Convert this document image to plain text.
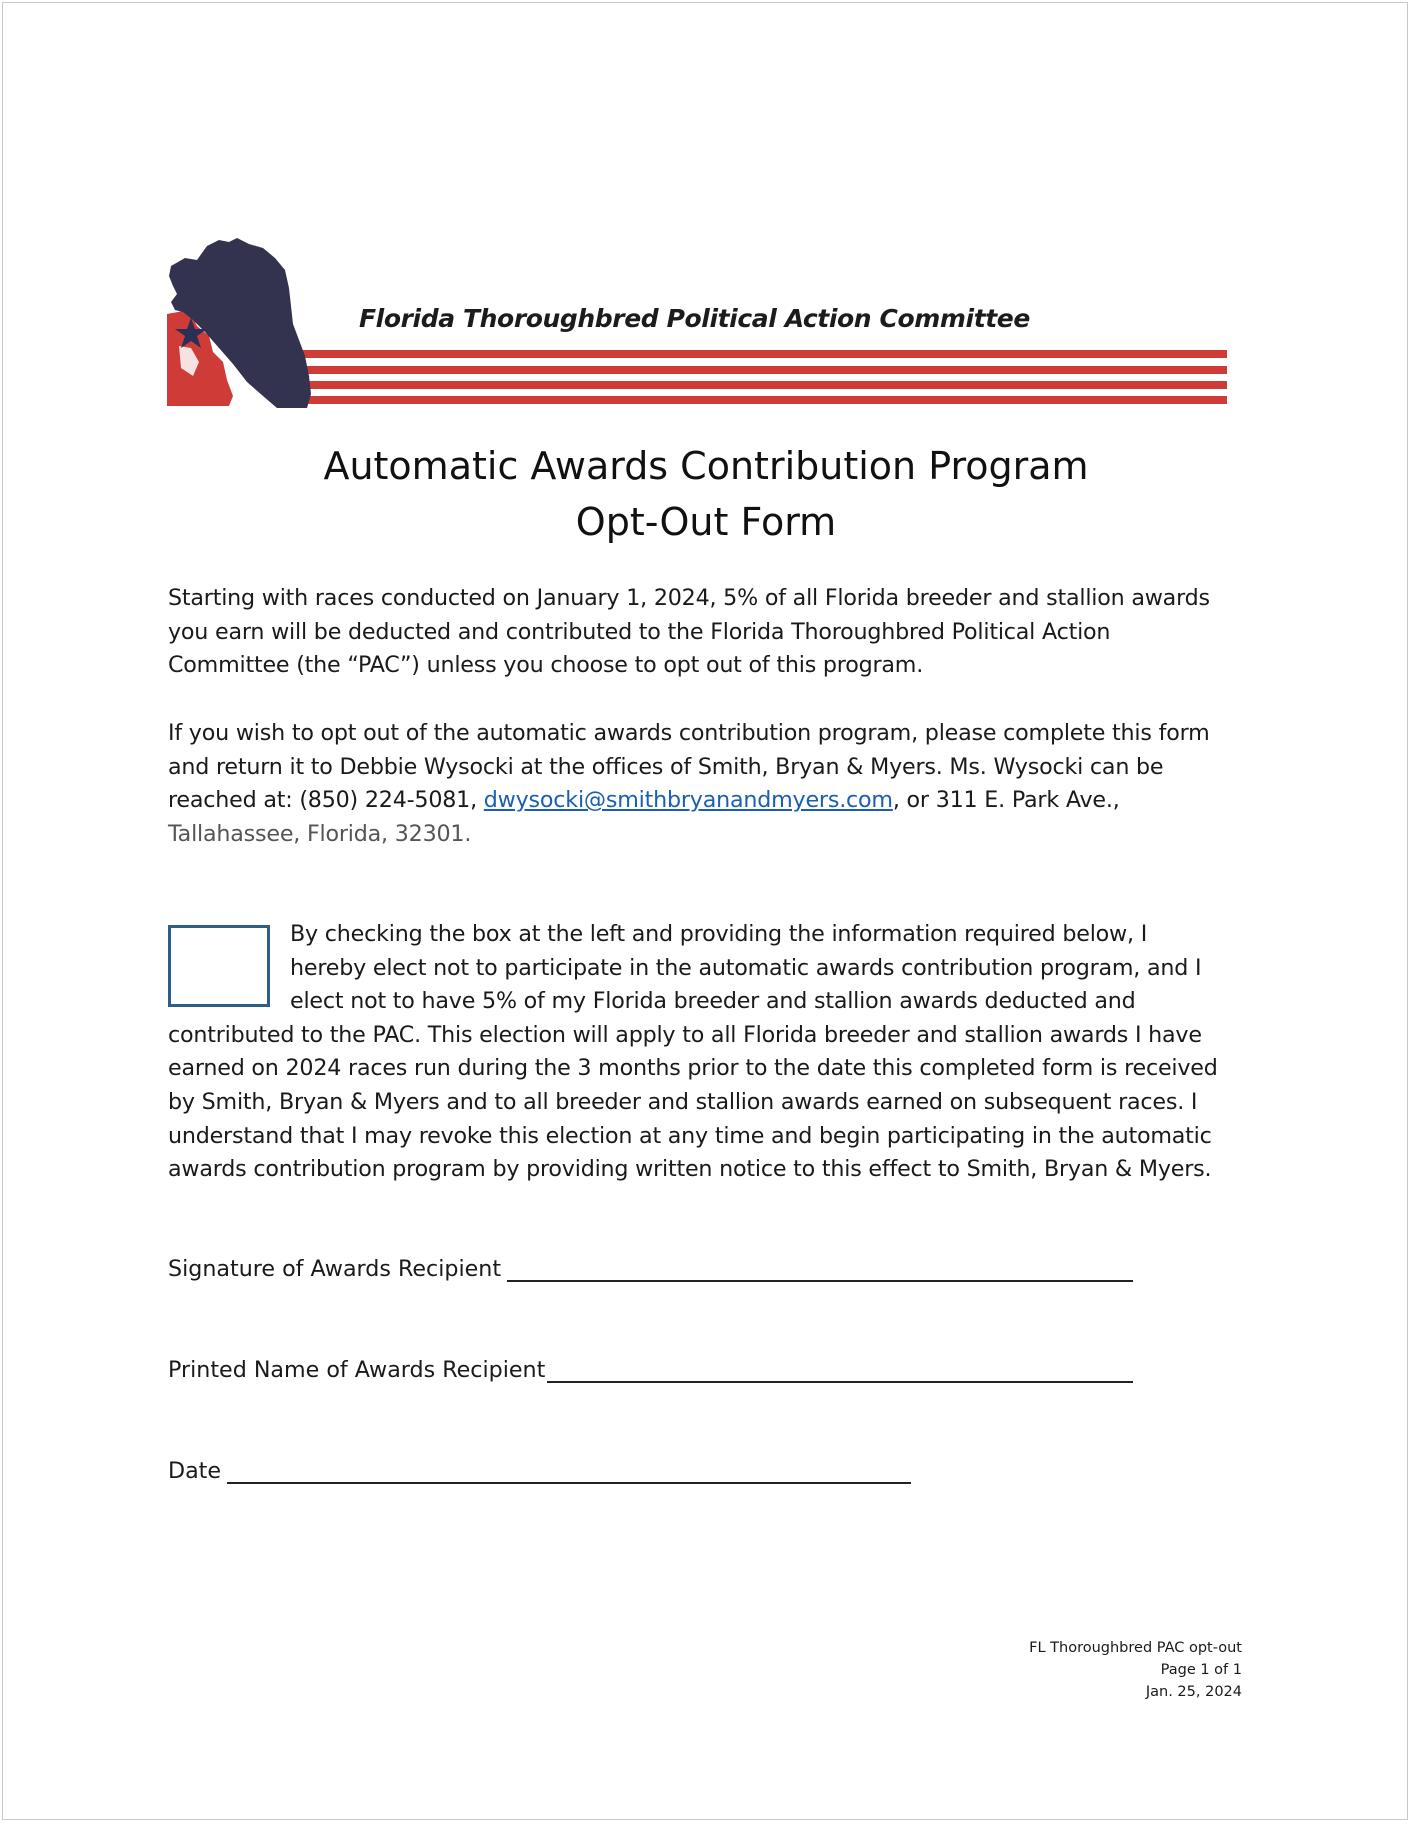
Florida Thoroughbred Political Action Committee
Automatic Awards Contribution Program
Opt-Out Form
Starting with races conducted on January 1, 2024, 5% of all Florida breeder and stallion awards
you earn will be deducted and contributed to the Florida Thoroughbred Political Action
Committee (the “PAC”) unless you choose to opt out of this program.
If you wish to opt out of the automatic awards contribution program, please complete this form
and return it to Debbie Wysocki at the offices of Smith, Bryan & Myers. Ms. Wysocki can be
reached at: (850) 224-5081, dwysocki@smithbryanandmyers.com, or 311 E. Park Ave.,
Tallahassee, Florida, 32301.
By checking the box at the left and providing the information required below, I
hereby elect not to participate in the automatic awards contribution program, and I
elect not to have 5% of my Florida breeder and stallion awards deducted and
contributed to the PAC. This election will apply to all Florida breeder and stallion awards I have
earned on 2024 races run during the 3 months prior to the date this completed form is received
by Smith, Bryan & Myers and to all breeder and stallion awards earned on subsequent races. I
understand that I may revoke this election at any time and begin participating in the automatic
awards contribution program by providing written notice to this effect to Smith, Bryan & Myers.
Signature of Awards Recipient
Printed Name of Awards Recipient
Date
FL Thoroughbred PAC opt-out
Page 1 of 1
Jan. 25, 2024
